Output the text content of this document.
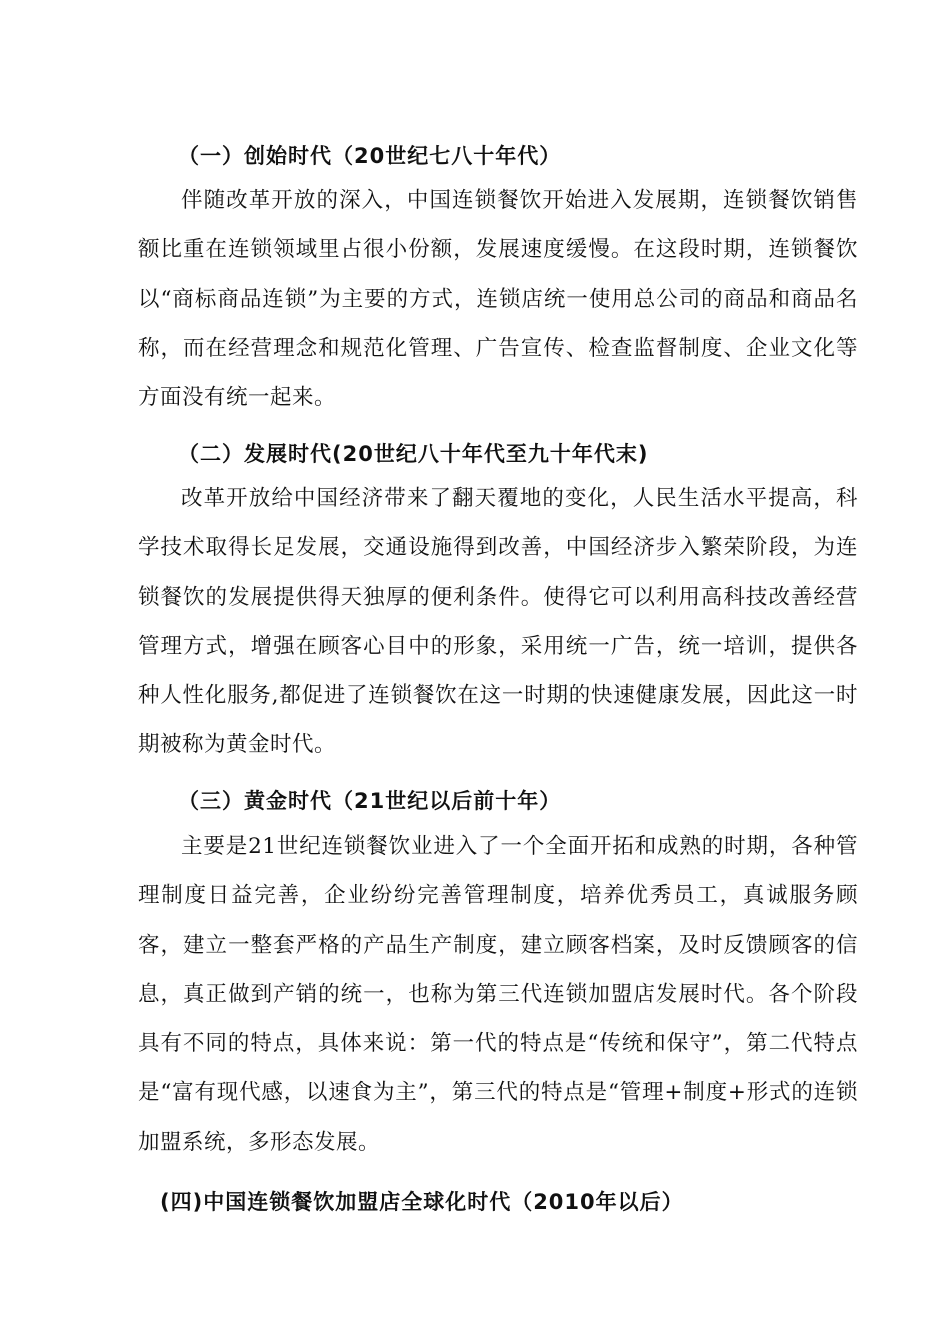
（一）创始时代（20世纪七八十年代）

伴随改革开放的深入，中国连锁餐饮开始进入发展期，连锁餐饮销售额比重在连锁领域里占很小份额，发展速度缓慢。在这段时期，连锁餐饮以“商标商品连锁”为主要的方式，连锁店统一使用总公司的商品和商品名称，而在经营理念和规范化管理、广告宣传、检查监督制度、企业文化等方面没有统一起来。

（二）发展时代(20世纪八十年代至九十年代末)

改革开放给中国经济带来了翻天覆地的变化，人民生活水平提高，科学技术取得长足发展，交通设施得到改善，中国经济步入繁荣阶段，为连锁餐饮的发展提供得天独厚的便利条件。使得它可以利用高科技改善经营管理方式，增强在顾客心目中的形象，采用统一广告，统一培训，提供各种人性化服务,都促进了连锁餐饮在这一时期的快速健康发展，因此这一时期被称为黄金时代。

（三）黄金时代（21世纪以后前十年）

主要是21世纪连锁餐饮业进入了一个全面开拓和成熟的时期，各种管理制度日益完善，企业纷纷完善管理制度，培养优秀员工，真诚服务顾客，建立一整套严格的产品生产制度，建立顾客档案，及时反馈顾客的信息，真正做到产销的统一，也称为第三代连锁加盟店发展时代。各个阶段具有不同的特点，具体来说：第一代的特点是“传统和保守”，第二代特点是“富有现代感，以速食为主”，第三代的特点是“管理+制度+形式的连锁加盟系统，多形态发展。

(四)中国连锁餐饮加盟店全球化时代（2010年以后）
